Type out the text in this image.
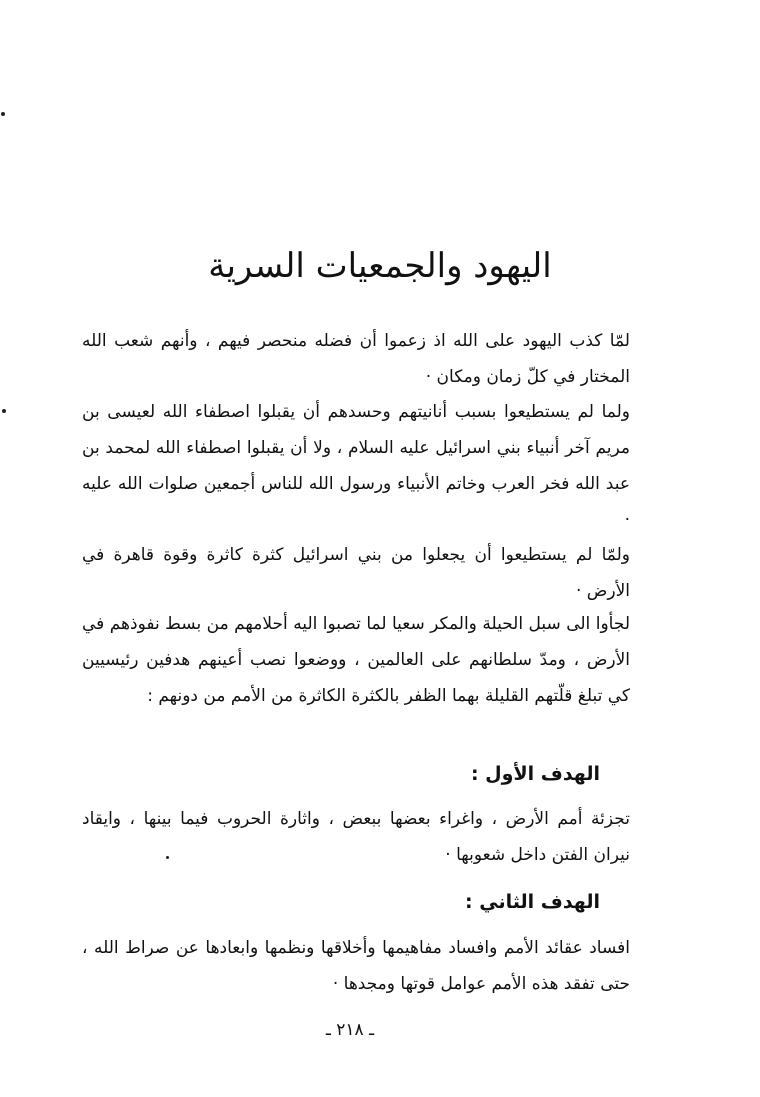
اليهود والجمعيات السرية

لمّا كذب اليهود على الله اذ زعموا أن فضله منحصر فيهم ، وأنهم شعب الله المختار في كلّ زمان ومكان ·

ولما لم يستطيعوا بسبب أنانيتهم وحسدهم أن يقبلوا اصطفاء الله لعيسى بن مريم آخر أنبياء بني اسرائيل عليه السلام ، ولا أن يقبلوا اصطفاء الله لمحمد بن عبد الله فخر العرب وخاتم الأنبياء ورسول الله للناس أجمعين صلوات الله عليه ·

ولمّا لم يستطيعوا أن يجعلوا من بني اسرائيل كثرة كاثرة وقوة قاهرة في الأرض ·

لجأوا الى سبل الحيلة والمكر سعيا لما تصبوا اليه أحلامهم من بسط نفوذهم في الأرض ، ومدّ سلطانهم على العالمين ، ووضعوا نصب أعينهم هدفين رئيسيين كي تبلغ قلّتهم القليلة بهما الظفر بالكثرة الكاثرة من الأمم من دونهم :

الهدف الأول :

تجزئة أمم الأرض ، واغراء بعضها ببعض ، واثارة الحروب فيما بينها ، وايقاد نيران الفتن داخل شعوبها ·

الهدف الثاني :

افساد عقائد الأمم وافساد مفاهيمها وأخلاقها ونظمها وابعادها عن صراط الله ، حتى تفقد هذه الأمم عوامل قوتها ومجدها ·

ـ ٢١٨ ـ
